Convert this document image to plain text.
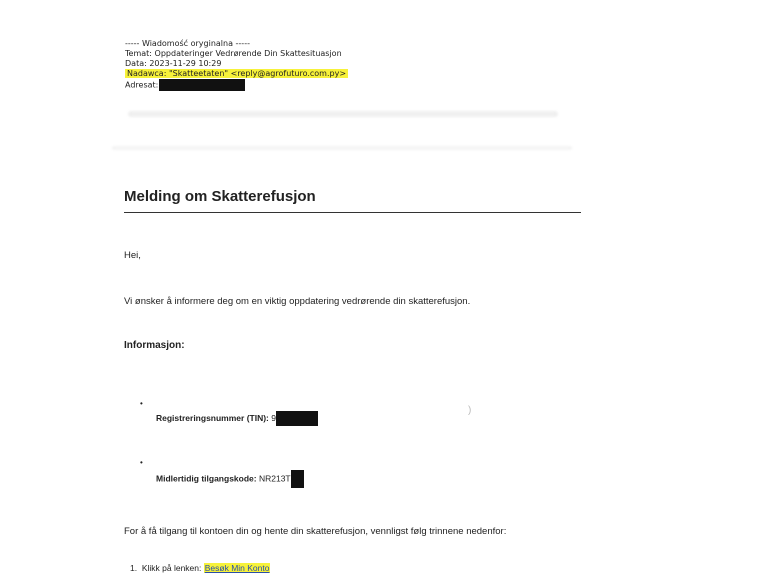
----- Wiadomość oryginalna -----
Temat: Oppdateringer Vedrørende Din Skattesituasjon
Data: 2023-11-29 10:29
Nadawca: "Skatteetaten" <reply@agrofuturo.com.py>
Adresat:
Melding om Skatterefusjon
Hei,
Vi ønsker å informere deg om en viktig oppdatering vedrørende din skatterefusjon.
Informasjon:
•
Registreringsnummer (TIN): 9
)
•
Midlertidig tilgangskode: NR213T
For å få tilgang til kontoen din og hente din skatterefusjon, vennligst følg trinnene nedenfor:
1. Klikk på lenken: Besøk Min Konto
